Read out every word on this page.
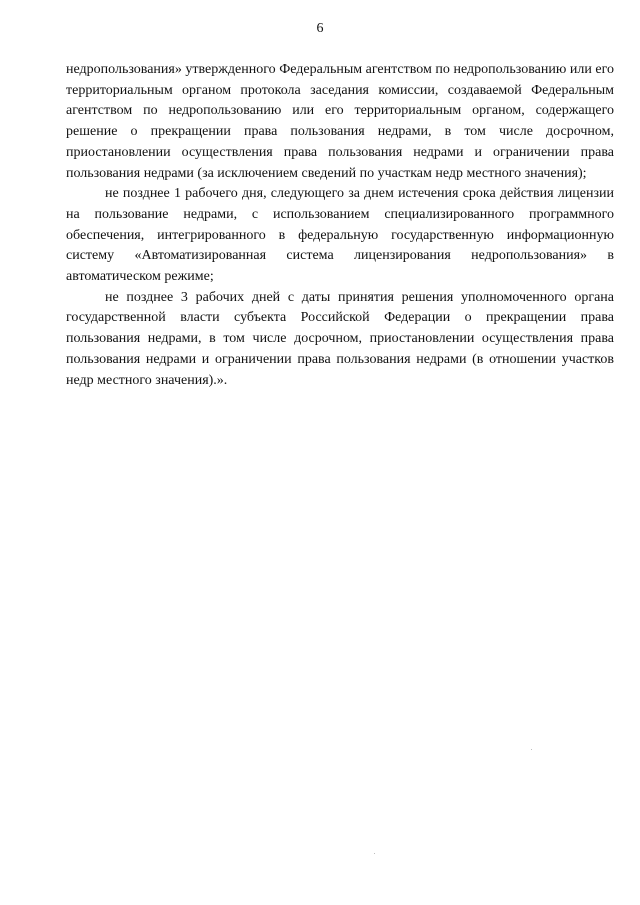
6

недропользования» утвержденного Федеральным агентством по недропользованию или его территориальным органом протокола заседания комиссии, создаваемой Федеральным агентством по недропользованию или его территориальным органом, содержащего решение о прекращении права пользования недрами, в том числе досрочном, приостановлении осуществления права пользования недрами и ограничении права пользования недрами (за исключением сведений по участкам недр местного значения);

не позднее 1 рабочего дня, следующего за днем истечения срока действия лицензии на пользование недрами, с использованием специализированного программного обеспечения, интегрированного в федеральную государственную информационную систему «Автоматизированная система лицензирования недропользования» в автоматическом режиме;

не позднее 3 рабочих дней с даты принятия решения уполномоченного органа государственной власти субъекта Российской Федерации о прекращении права пользования недрами, в том числе досрочном, приостановлении осуществления права пользования недрами и ограничении права пользования недрами (в отношении участков недр местного значения).».
